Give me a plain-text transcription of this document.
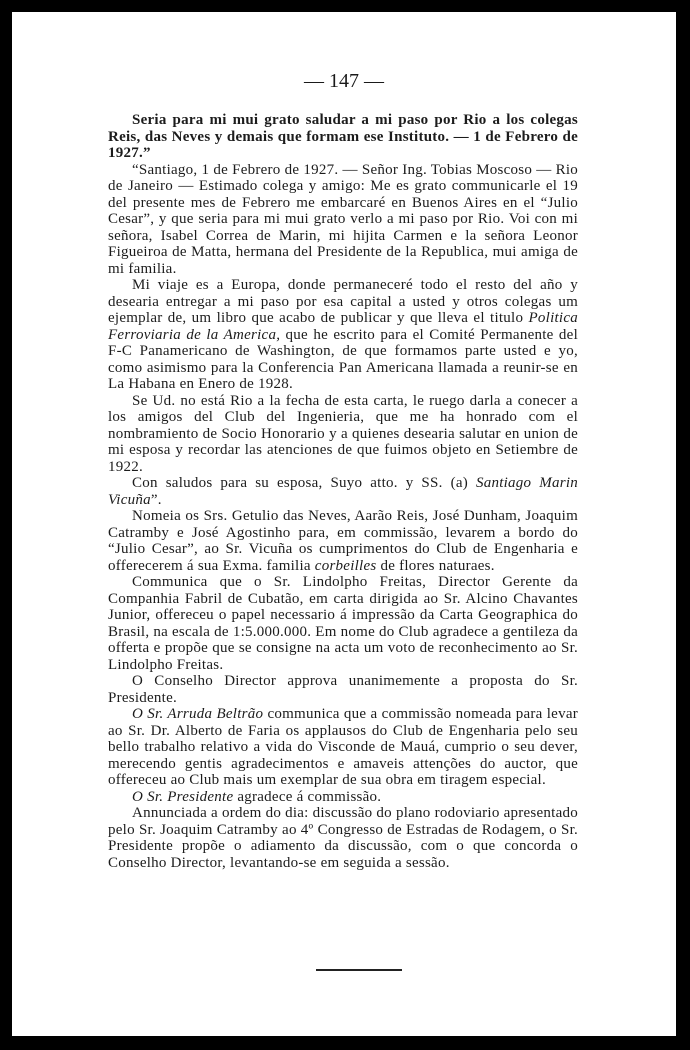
— 147 —

Seria para mi mui grato saludar a mi paso por Rio a los colegas Reis, das Neves y demais que formam ese Instituto. — 1 de Febrero de 1927.”

“Santiago, 1 de Febrero de 1927. — Señor Ing. Tobias Moscoso — Rio de Janeiro — Estimado colega y amigo: Me es grato communicarle el 19 del presente mes de Febrero me embarcaré en Buenos Aires en el “Julio Cesar”, y que seria para mi mui grato verlo a mi paso por Rio. Voi con mi señora, Isabel Correa de Marin, mi hijita Carmen e la señora Leonor Figueiroa de Matta, hermana del Presidente de la Republica, mui amiga de mi familia.

Mi viaje es a Europa, donde permaneceré todo el resto del año y desearia entregar a mi paso por esa capital a usted y otros colegas um ejemplar de, um libro que acabo de publicar y que lleva el titulo Politica Ferroviaria de la America, que he escrito para el Comité Permanente del F-C Panamericano de Washington, de que formamos parte usted e yo, como asimismo para la Conferencia Pan Americana llamada a reunir-se en La Habana en Enero de 1928.

Se Ud. no está Rio a la fecha de esta carta, le ruego darla a conecer a los amigos del Club del Ingenieria, que me ha honrado com el nombramiento de Socio Honorario y a quienes desearia salutar en union de mi esposa y recordar las atenciones de que fuimos objeto en Setiembre de 1922.

Con saludos para su esposa, Suyo atto. y SS. (a) Santiago Marin Vicuña”.

Nomeia os Srs. Getulio das Neves, Aarão Reis, José Dunham, Joaquim Catramby e José Agostinho para, em commissão, levarem a bordo do “Julio Cesar”, ao Sr. Vicuña os cumprimentos do Club de Engenharia e offerecerem á sua Exma. familia corbeilles de flores naturaes.

Communica que o Sr. Lindolpho Freitas, Director Gerente da Companhia Fabril de Cubatão, em carta dirigida ao Sr. Alcino Chavantes Junior, offereceu o papel necessario á impressão da Carta Geographica do Brasil, na escala de 1:5.000.000. Em nome do Club agradece a gentileza da offerta e propõe que se consigne na acta um voto de reconhecimento ao Sr. Lindolpho Freitas.

O Conselho Director approva unanimemente a proposta do Sr. Presidente.

O Sr. Arruda Beltrão communica que a commissão nomeada para levar ao Sr. Dr. Alberto de Faria os applausos do Club de Engenharia pelo seu bello trabalho relativo a vida do Visconde de Mauá, cumprio o seu dever, merecendo gentis agradecimentos e amaveis attenções do auctor, que offereceu ao Club mais um exemplar de sua obra em tiragem especial.

O Sr. Presidente agradece á commissão.

Annunciada a ordem do dia: discussão do plano rodoviario apresentado pelo Sr. Joaquim Catramby ao 4º Congresso de Estradas de Rodagem, o Sr. Presidente propõe o adiamento da discussão, com o que concorda o Conselho Director, levantando-se em seguida a sessão.
